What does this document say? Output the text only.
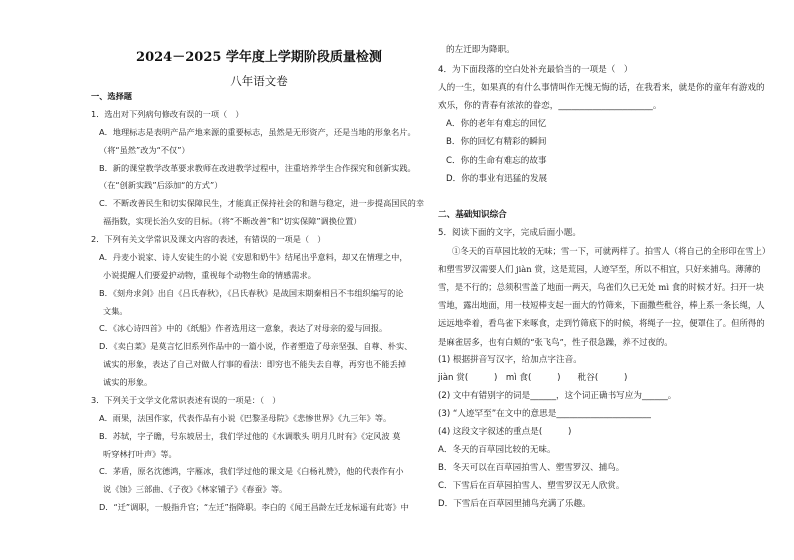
2024－2025 学年度上学期阶段质量检测
八年语文卷
一、选择题
1．选出对下列病句修改有误的一项（　）
A．地理标志是表明产品产地来源的重要标志，虽然是无形资产，还是当地的形象名片。
（将“虽然”改为“不仅”）
B．新的课堂教学改革要求教师在改进教学过程中，注重培养学生合作探究和创新实践。
（在“创新实践”后添加“的方式”）
C．不断改善民生和切实保障民生，才能真正保持社会的和谐与稳定，进一步提高国民的幸
福指数，实现长治久安的目标。（将“不断改善”和“切实保障”调换位置）
2．下列有关文学常识及课文内容的表述，有错误的一项是（　）
A．丹麦小说家、诗人安徒生的小说《安恩和奶牛》结尾出乎意料，却又在情理之中，
小说提醒人们要爱护动物，重视每个动物生命的情感需求。
B．《刻舟求剑》出自《吕氏春秋》，《吕氏春秋》是战国末期秦相吕不韦组织编写的论
文集。
C．《冰心诗四首》中的《纸船》作者选用这一意象，表达了对母亲的爱与回报。
D．《卖白菜》是莫言忆旧系列作品中的一篇小说，作者塑造了母亲坚强、自尊、朴实、
诚实的形象，表达了自己对做人行事的看法：即穷也不能失去自尊，再穷也不能丢掉
诚实的形象。
3．下列关于文学文化常识表述有误的一项是：（　）
A．雨果，法国作家，代表作品有小说《巴黎圣母院》《悲惨世界》《九三年》等。
B．苏轼，字子瞻，号东坡居士，我们学过他的《水调歌头 明月几时有》《定风波 莫
听穿林打叶声》等。
C．茅盾，原名沈德鸿，字雁冰，我们学过他的课文是《白杨礼赞》，他的代表作有小
说《蚀》三部曲、《子夜》《林家铺子》《春蚕》等。
D．“迁”调职，一般指升官；“左迁”指降职。李白的《闻王昌龄左迁龙标遥有此寄》中
的左迁即为降职。
4．为下面段落的空白处补充最恰当的一项是（　）
人的一生，如果真的有什么事情叫作无愧无悔的话，在我看来，就是你的童年有游戏的
欢乐，你的青春有浓浓的眷恋，______________________。
A．你的老年有难忘的回忆
B．你的回忆有精彩的瞬间
C．你的生命有难忘的故事
D．你的事业有迅猛的发展
二、基础知识综合
5．阅读下面的文字，完成后面小题。
①冬天的百草园比较的无味；雪一下，可就两样了。拍雪人（将自己的全形印在雪上）
和塑雪罗汉需要人们 jiàn 赏，这是荒园，人迹罕至，所以不相宜，只好来捕鸟。薄薄的
雪，是不行的；总须积雪盖了地面一两天，鸟雀们久已无处 mì 食的时候才好。扫开一块
雪地，露出地面，用一枝短棒支起一面大的竹筛来，下面撒些秕谷，棒上系一条长绳，人
远远地牵着，看鸟雀下来啄食，走到竹筛底下的时候，将绳子一拉，便罩住了。但所得的
是麻雀居多，也有白颊的“张飞鸟”，性子很急躁，养不过夜的。
(1) 根据拼音写汉字，给加点字注音。
jiàn 赏(　　　)　mì 食(　　　)　　秕谷(　　　)
(2) 文中有错别字的词是______，这个词正确书写应为______。
(3) “人迹罕至”在文中的意思是______________________
(4) 这段文字叙述的重点是(　　　)
A．冬天的百草园比较的无味。
B．冬天可以在百草园拍雪人、塑雪罗汉、捕鸟。
C．下雪后在百草园拍雪人、塑雪罗汉无人欣赏。
D．下雪后在百草园里捕鸟充满了乐趣。
